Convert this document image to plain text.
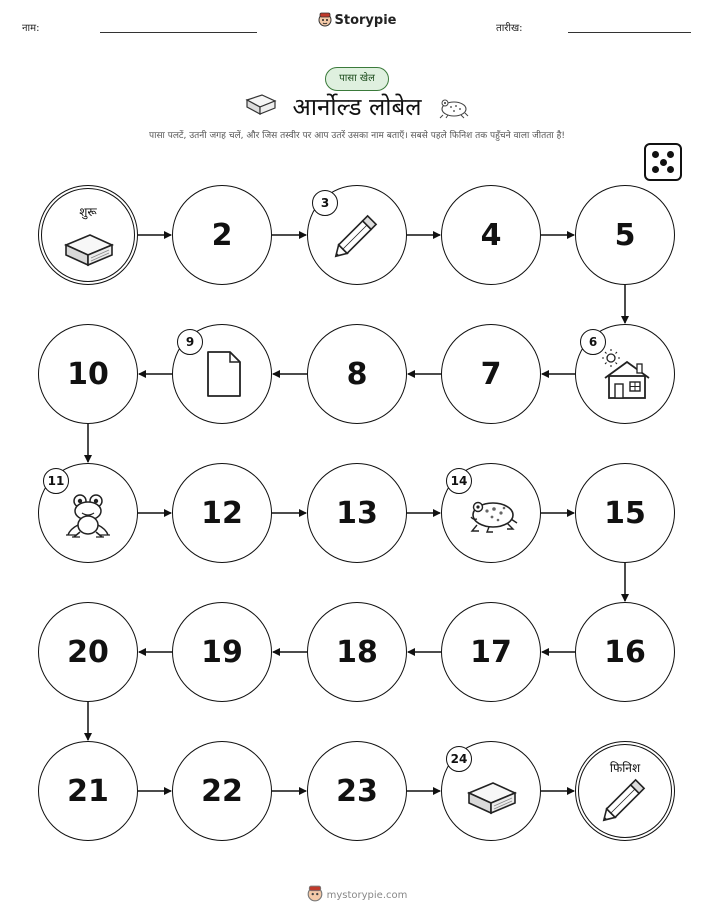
नाम:
Storypie
तारीख:
पासा खेल
आर्नोल्ड लोबेल
पासा पलटें, उतनी जगह चलें, और जिस तस्वीर पर आप उतरें उसका नाम बताएँ। सबसे पहले फिनिश तक पहुँचने वाला जीतता है!
शुरू
2
3
4	5
6
7
8
9
10
11
12	13
14
15
16
17
18
19
20
21	22	23
24
फिनिश
mystorypie.com
